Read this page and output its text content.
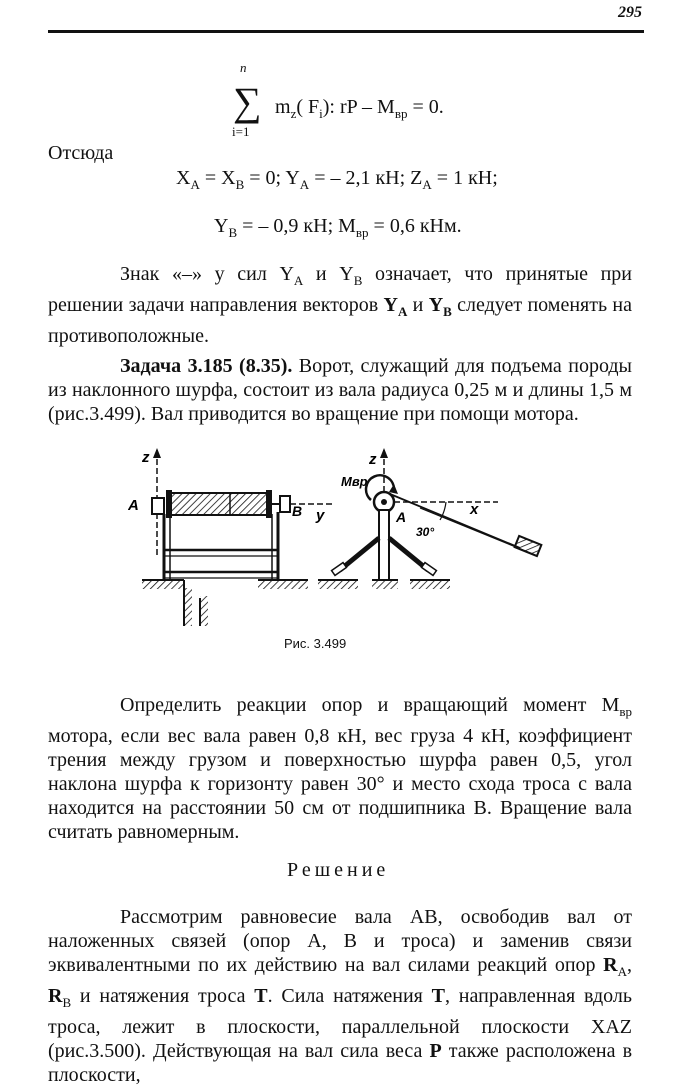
295
n
∑
i=1
$m_z$( $F_i$): rP – $M_{вр} = 0$.
Отсюда
$X_A = X_B = 0$; $Y_A$ = – 2,1 кН; $Z_A = 1$ кН;
$Y_B$ = – 0,9 кН; $M_{вр} = 0,6$ кНм.

Знак «–» у сил $Y_A$ и $Y_B$ означает, что принятые при решении задачи направления векторов $Y_A$ и $Y_B$ следует поменять на противоположные.

Задача 3.185 (8.35). Ворот, служащий для подъема породы из наклонного шурфа, состоит из вала радиуса 0,25 м и длины 1,5 м (рис.3.499). Вал приводится во вращение при помощи мотора.

z
A	B y
z
Mвр
A	x
30°
Рис. 3.499

Определить реакции опор и вращающий момент $M_{вр}$ мотора, если вес вала равен 0,8 кН, вес груза 4 кН, коэффициент трения между грузом и поверхностью шурфа равен 0,5, угол наклона шурфа к горизонту равен 30° и место схода троса с вала находится на расстоянии 50 см от подшипника B. Вращение вала считать равномерным.

Решение

Рассмотрим равновесие вала AB, освободив вал от наложенных связей (опор A, B и троса) и заменив связи эквивалентными по их действию на вал силами реакций опор $R_A$, $R_B$ и натяжения троса T. Сила натяжения T, направленная вдоль троса, лежит в плоскости, параллельной плоскости XAZ (рис.3.500). Действующая на вал сила веса P также расположена в плоскости,
